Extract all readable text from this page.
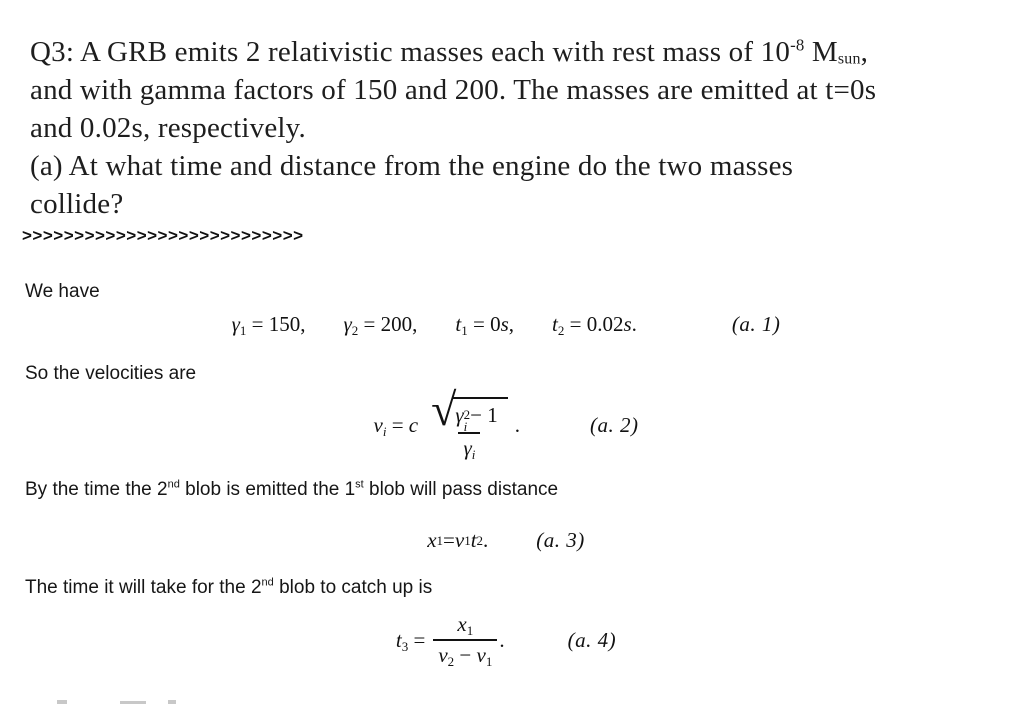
Q3: A GRB emits 2 relativistic masses each with rest mass of $10^{-8}$ $M_{sun}$,
and with gamma factors of 150 and 200. The masses are emitted at t=0s
and 0.02s, respectively.
(a) At what time and distance from the engine do the two masses
collide?
>>>>>>>>>>>>>>>>>>>>>>>>>>>
We have
$\gamma_1 = 150$, $\gamma_2 = 200$, $t_1 = 0s$, $t_2 = 0.02s$.	(a. 1)
So the velocities are
$v_i = c$ √ γ 2
i − 1
$\gamma_i$ .	(a. 2)
By the time the 2nd blob is emitted the 1st blob will pass distance
x 1 = v 1 t 2 . (a. 3)
The time it will take for the 2nd blob to catch up is
$t_3 = \frac{x_1}{v_2 - v_1}$ .	(a. 4)
